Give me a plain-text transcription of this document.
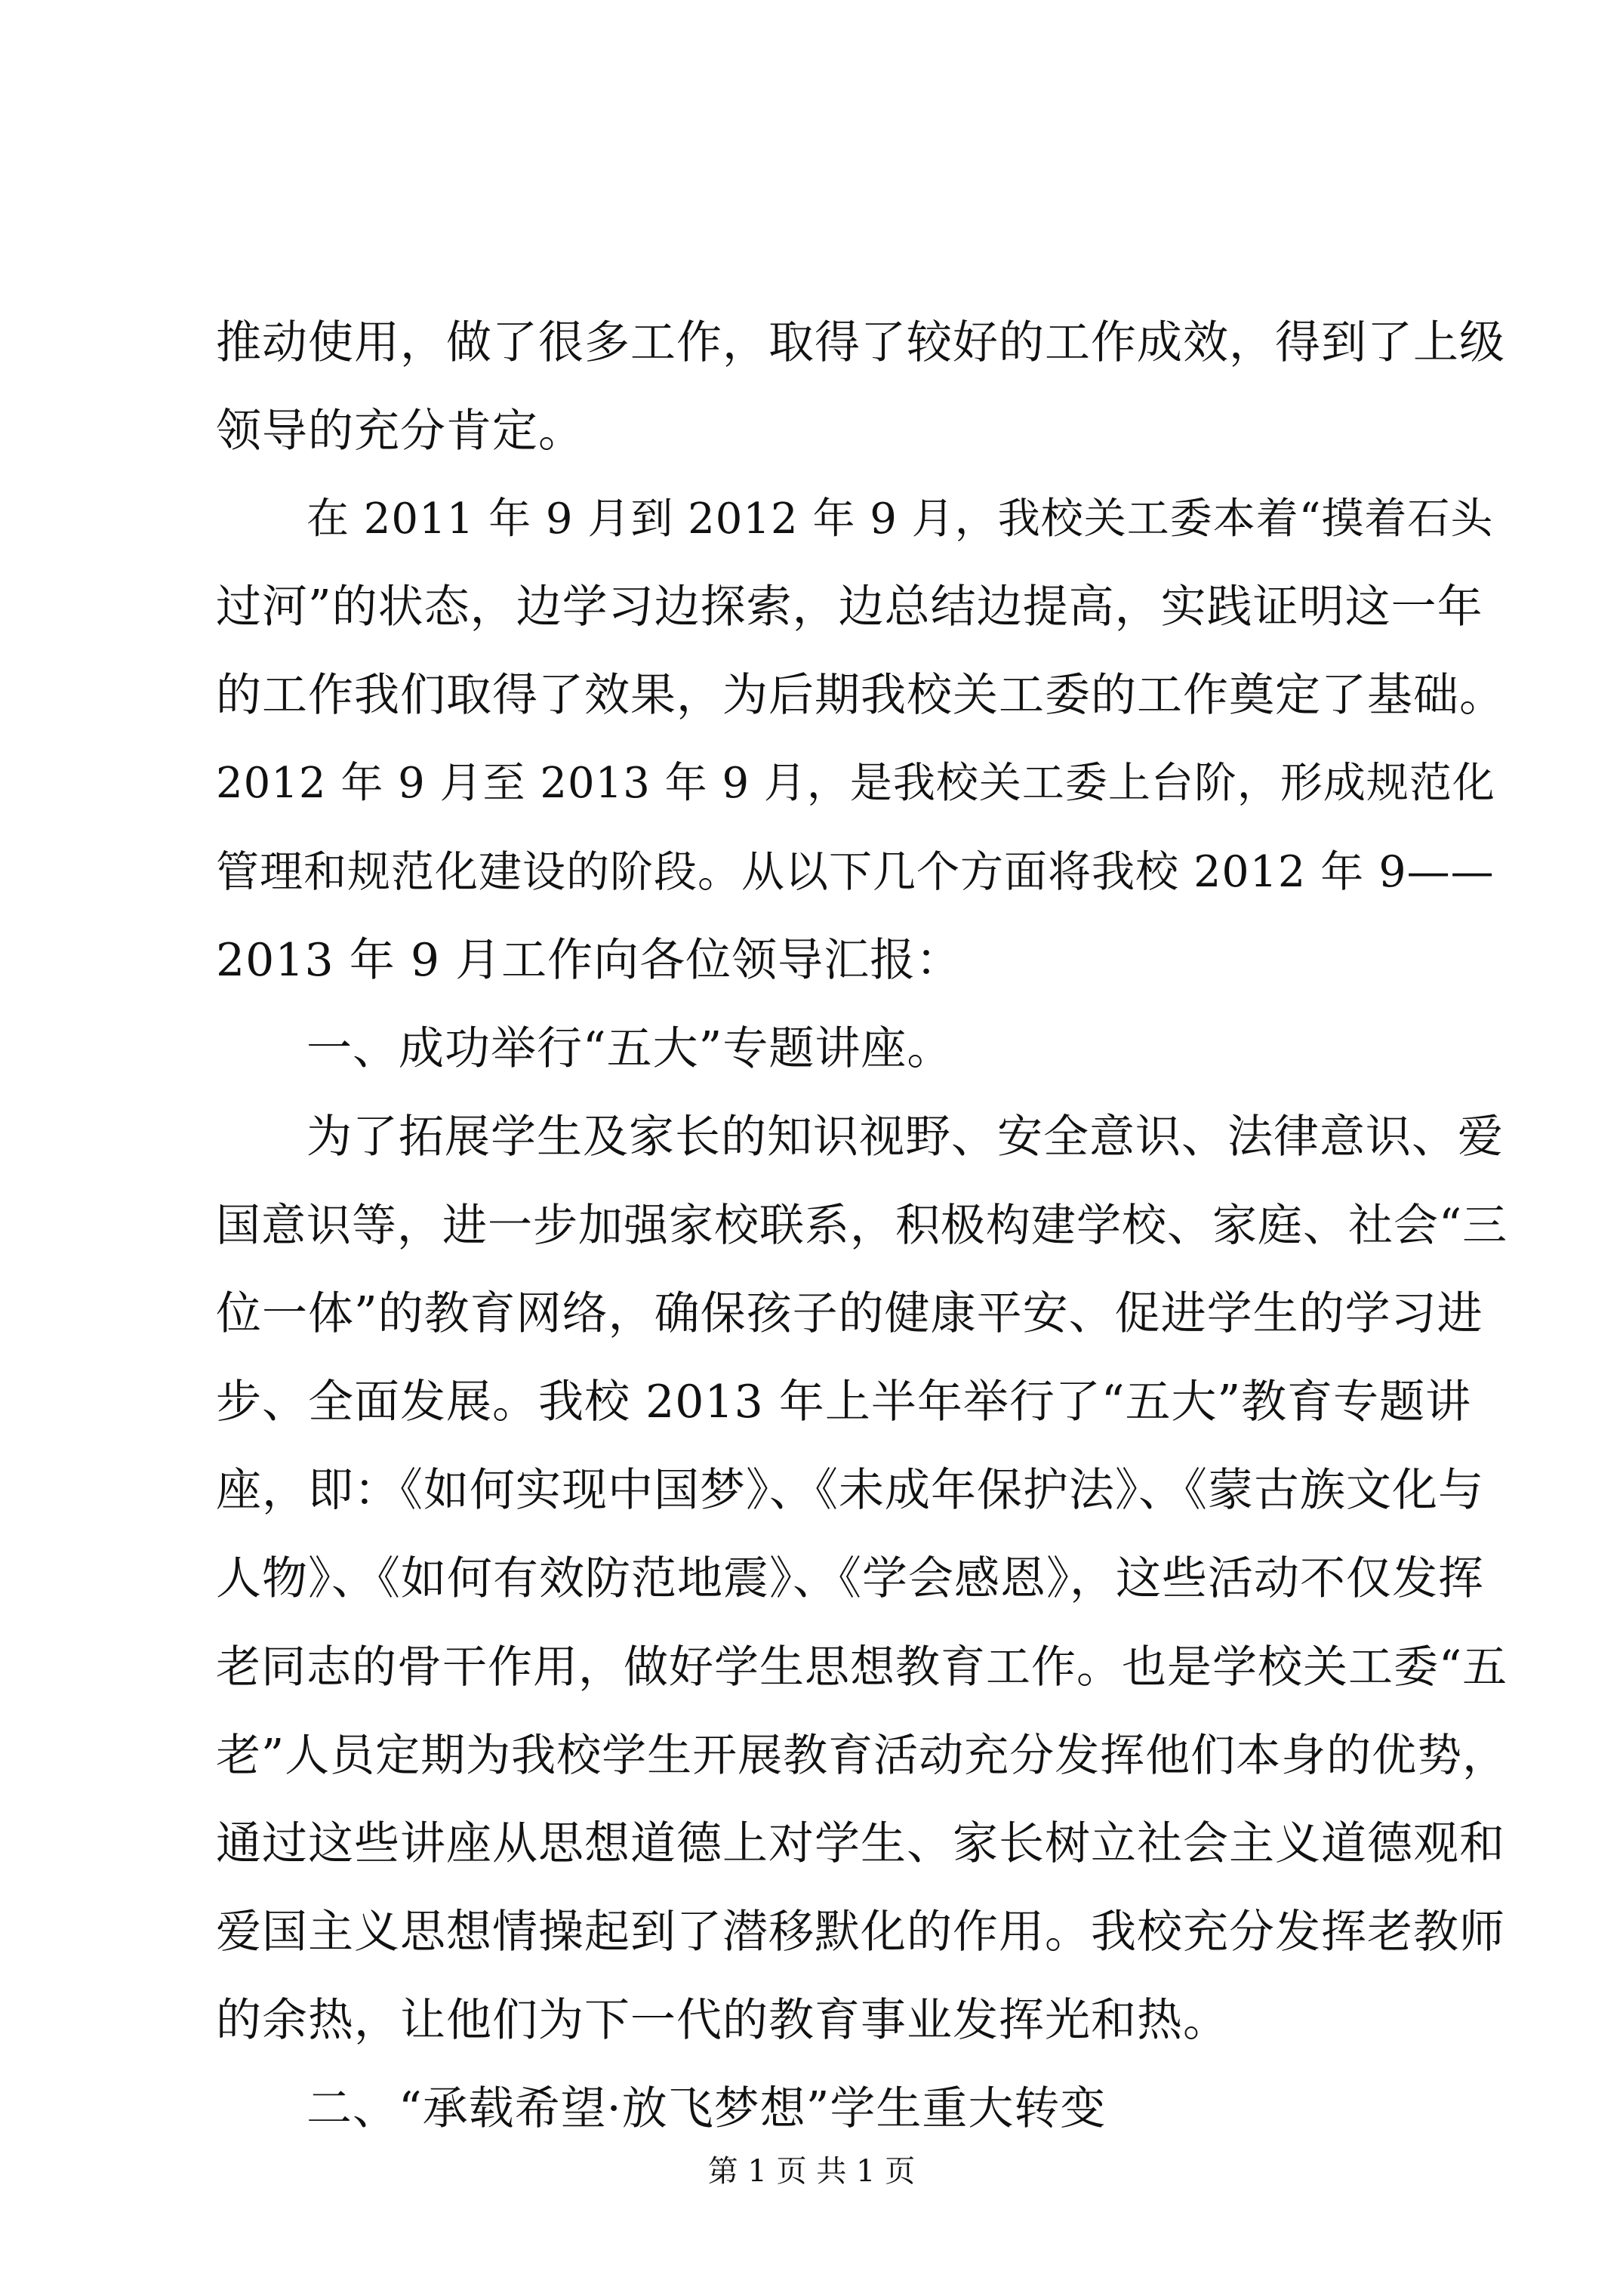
推动使用，做了很多工作，取得了较好的工作成效，得到了上级
领导的充分肯定。
在 2011 年 9 月到 2012 年 9 月，我校关工委本着“摸着石头
过河”的状态，边学习边探索，边总结边提高，实践证明这一年
的工作我们取得了效果，为后期我校关工委的工作奠定了基础。
2012 年 9 月至 2013 年 9 月，是我校关工委上台阶，形成规范化
管理和规范化建设的阶段。从以下几个方面将我校 2012 年 9——
2013 年 9 月工作向各位领导汇报：
一、成功举行“五大”专题讲座。
为了拓展学生及家长的知识视野、安全意识、法律意识、爱
国意识等，进一步加强家校联系，积极构建学校、家庭、社会“三
位一体”的教育网络，确保孩子的健康平安、促进学生的学习进
步、全面发展。我校 2013 年上半年举行了“五大”教育专题讲
座，即：《如何实现中国梦》、《未成年保护法》、《蒙古族文化与
人物》、《如何有效防范地震》、《学会感恩》，这些活动不仅发挥
老同志的骨干作用，做好学生思想教育工作。也是学校关工委“五
老”人员定期为我校学生开展教育活动充分发挥他们本身的优势，
通过这些讲座从思想道德上对学生、家长树立社会主义道德观和
爱国主义思想情操起到了潜移默化的作用。我校充分发挥老教师
的余热，让他们为下一代的教育事业发挥光和热。
二、“承载希望·放飞梦想”学生重大转变
第 1 页 共 1 页
